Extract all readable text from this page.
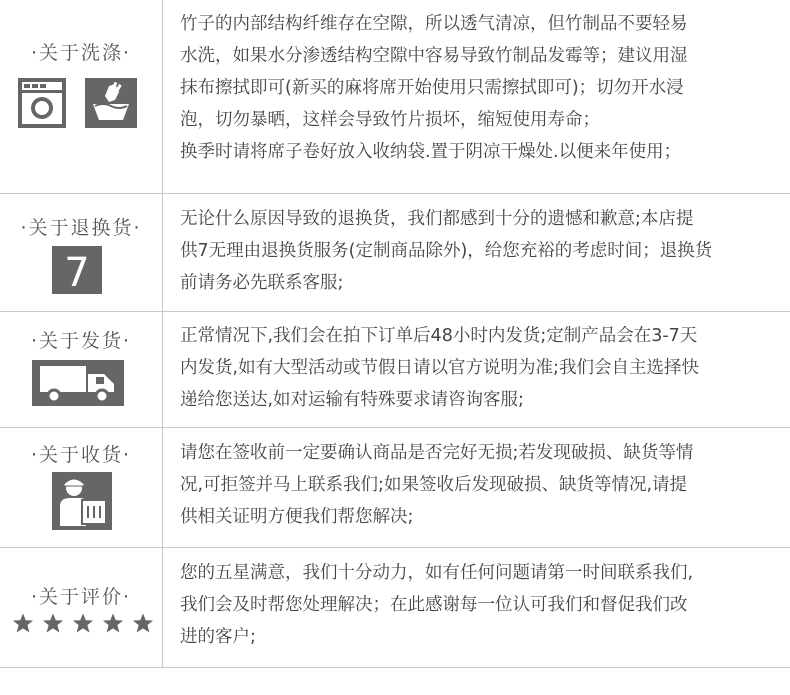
·关于洗涤·

竹子的内部结构纤维存在空隙，所以透气清凉，但竹制品不要轻易

水洗，如果水分渗透结构空隙中容易导致竹制品发霉等；建议用湿

抹布擦拭即可(新买的麻将席开始使用只需擦拭即可)；切勿开水浸

泡，切勿暴晒，这样会导致竹片损坏，缩短使用寿命；

换季时请将席子卷好放入收纳袋.置于阴凉干燥处.以便来年使用；

·关于退换货·
7

无论什么原因导致的退换货，我们都感到十分的遗憾和歉意;本店提

供7无理由退换货服务(定制商品除外)，给您充裕的考虑时间；退换货

前请务必先联系客服;

·关于发货·	正常情况下,我们会在拍下订单后48小时内发货;定制产品会在3-7天

内发货,如有大型活动或节假日请以官方说明为准;我们会自主选择快

递给您送达,如对运输有特殊要求请咨询客服;

·关于收货·	请您在签收前一定要确认商品是否完好无损;若发现破损、缺货等情

况,可拒签并马上联系我们;如果签收后发现破损、缺货等情况,请提

供相关证明方便我们帮您解决;

·关于评价·

您的五星满意，我们十分动力，如有任何问题请第一时间联系我们,

我们会及时帮您处理解决；在此感谢每一位认可我们和督促我们改

进的客户;
